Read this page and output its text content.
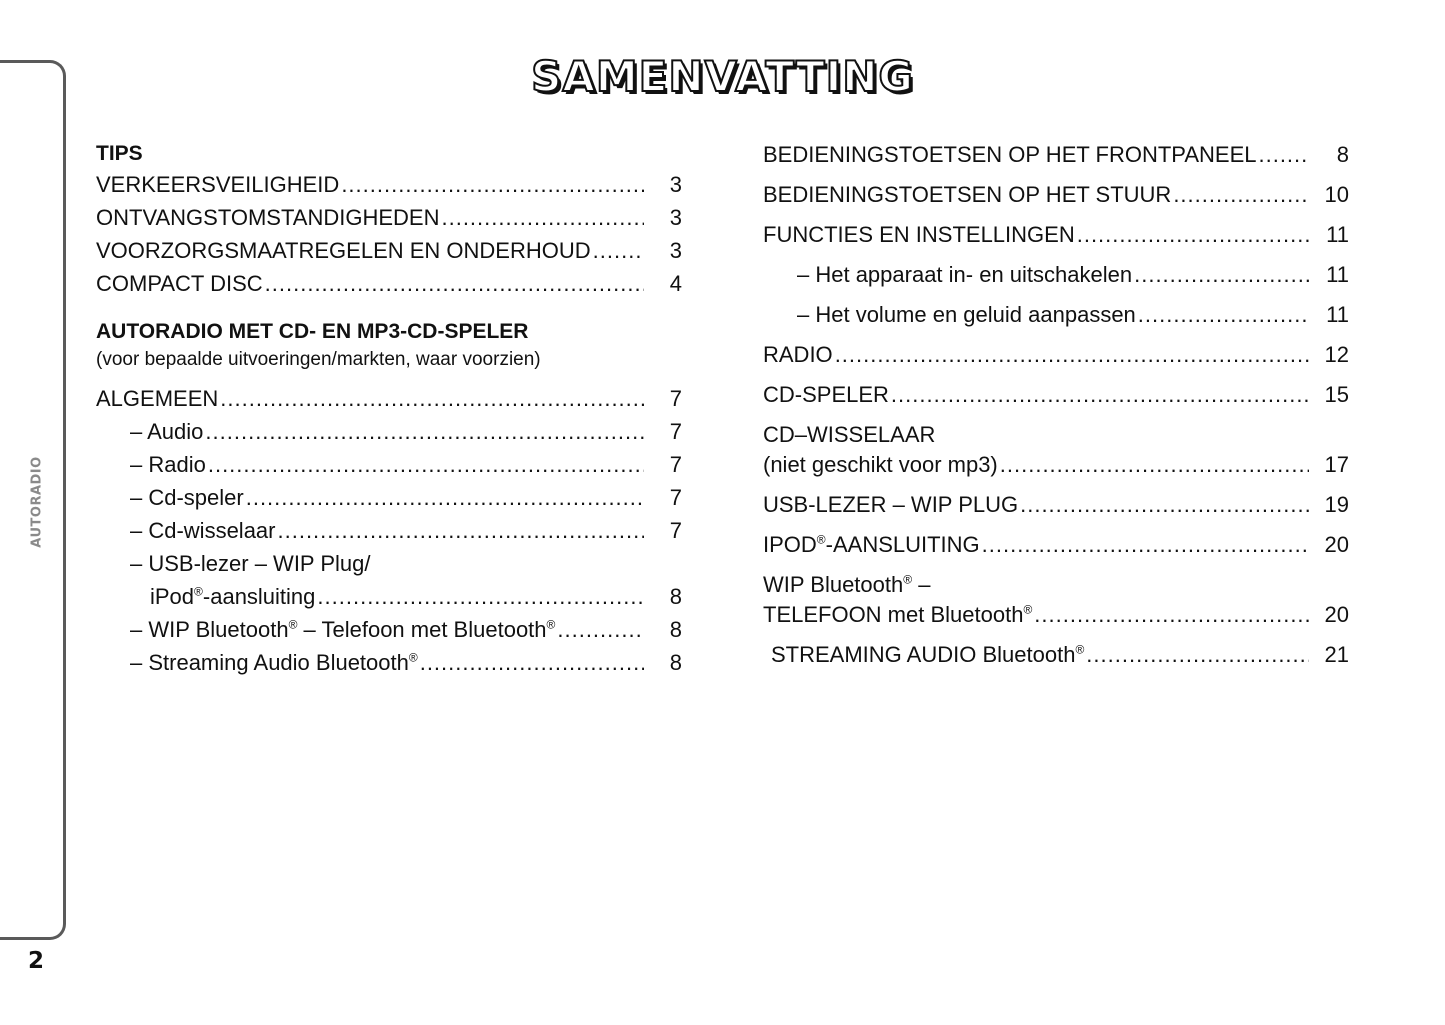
AUTORADIO
2
SAMENVATTING
TIPS
VERKEERSVEILIGHEID .....	3
ONTVANGSTOMSTANDIGHEDEN .....	3
VOORZORGSMAATREGELEN EN ONDERHOUD .....	3
COMPACT DISC .....	4
AUTORADIO MET CD- EN MP3-CD-SPELER
(voor bepaalde uitvoeringen/markten, waar voorzien)
ALGEMEEN .....	7
– Audio .....	7
– Radio .....	7
– Cd-speler .....	7
– Cd-wisselaar .....	7
– USB-lezer – WIP Plug/
iPod®-aansluiting .....	8
– WIP Bluetooth® – Telefoon met Bluetooth® .....	8
– Streaming Audio Bluetooth® .....	8
BEDIENINGSTOETSEN OP HET FRONTPANEEL .....	8
BEDIENINGSTOETSEN OP HET STUUR .....	10
FUNCTIES EN INSTELLINGEN .....	11
– Het apparaat in- en uitschakelen .....	11
– Het volume en geluid aanpassen .....	11
RADIO .....	12
CD-SPELER .....	15
CD–WISSELAAR
(niet geschikt voor mp3) .....	17
USB-LEZER – WIP PLUG .....	19
IPOD®-AANSLUITING .....	20
WIP Bluetooth® –
TELEFOON met Bluetooth® .....	20
STREAMING AUDIO Bluetooth® .....	21
